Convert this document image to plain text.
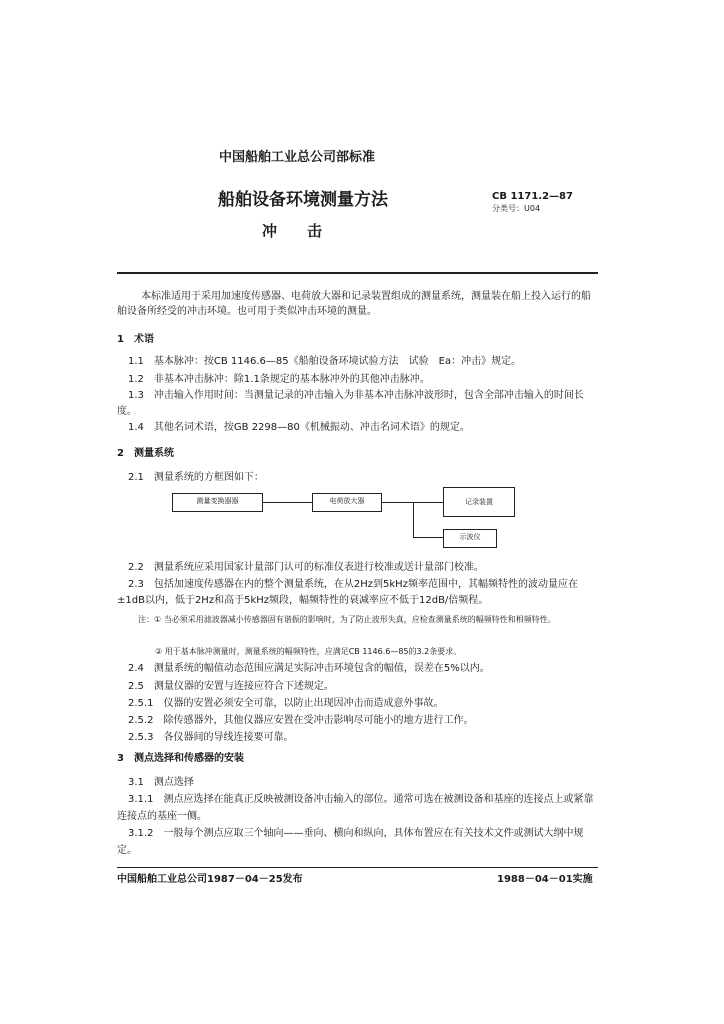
中国船舶工业总公司部标准
船舶设备环境测量方法
冲　　击
CB 1171.2—87
分类号：U04
本标准适用于采用加速度传感器、电荷放大器和记录装置组成的测量系统，测量装在船上投入运行的船舶设备所经受的冲击环境。也可用于类似冲击环境的测量。
1　术语
1.1　基本脉冲：按CB 1146.6—85《船舶设备环境试验方法　试验　Ea：冲击》规定。
1.2　非基本冲击脉冲：除1.1条规定的基本脉冲外的其他冲击脉冲。
1.3　冲击输入作用时间：当测量记录的冲击输入为非基本冲击脉冲波形时，包含全部冲击输入的时间长度。
1.4　其他名词术语，按GB 2298—80《机械振动、冲击名词术语》的规定。
2　测量系统
2.1　测量系统的方框图如下：
测量变换器器	电荷放大器	记录装置
示波仪
2.2　测量系统应采用国家计量部门认可的标准仪表进行校准或送计量部门校准。
2.3　包括加速度传感器在内的整个测量系统，在从2Hz到5kHz频率范围中，其幅频特性的波动量应在±1dB以内，低于2Hz和高于5kHz频段，幅频特性的衰减率应不低于12dB/倍频程。
注：① 当必须采用滤波器减小传感器固有谐振的影响时，为了防止波形失真，应检查测量系统的幅频特性和相频特性。
② 用于基本脉冲测量时，测量系统的幅频特性，应满足CB 1146.6—85的3.2条要求。
2.4　测量系统的幅值动态范围应满足实际冲击环境包含的幅值，误差在5%以内。
2.5　测量仪器的安置与连接应符合下述规定。
2.5.1　仪器的安置必须安全可靠，以防止出现因冲击而造成意外事故。
2.5.2　除传感器外，其他仪器应安置在受冲击影响尽可能小的地方进行工作。
2.5.3　各仪器间的导线连接要可靠。
3　测点选择和传感器的安装
3.1　测点选择
3.1.1　测点应选择在能真正反映被测设备冲击输入的部位。通常可选在被测设备和基座的连接点上或紧靠连接点的基座一侧。
3.1.2　一般每个测点应取三个轴向——垂向、横向和纵向，具体布置应在有关技术文件或测试大纲中规定。
中国船舶工业总公司1987－04－25发布	1988－04－01实施
